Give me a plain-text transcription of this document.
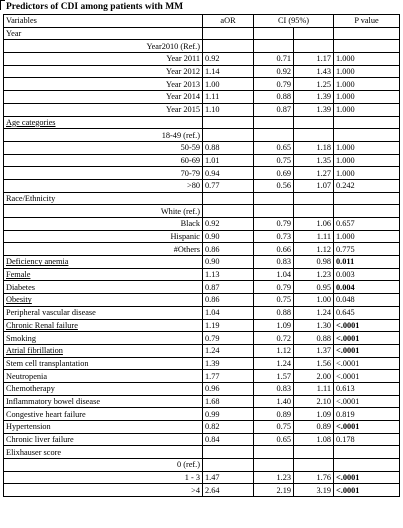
Predictors of CDI among patients with MM
Variables	aOR	CI (95%)		P value
Year				
Year2010 (Ref.)				
Year 2011	0.92	0.71	1.17	1.000
Year 2012	1.14	0.92	1.43	1.000
Year 2013	1.00	0.79	1.25	1.000
Year 2014	1.11	0.88	1.39	1.000
Year 2015	1.10	0.87	1.39	1.000
Age categories				
18-49 (ref.)				
50-59	0.88	0.65	1.18	1.000
60-69	1.01	0.75	1.35	1.000
70-79	0.94	0.69	1.27	1.000
>80	0.77	0.56	1.07	0.242
Race/Ethnicity				
White (ref.)				
Black	0.92	0.79	1.06	0.657
Hispanic	0.90	0.73	1.11	1.000
#Others	0.86	0.66	1.12	0.775
Deficiency anemia	0.90	0.83	0.98	0.011
Female	1.13	1.04	1.23	0.003
Diabetes	0.87	0.79	0.95	0.004
Obesity	0.86	0.75	1.00	0.048
Peripheral vascular disease	1.04	0.88	1.24	0.645
Chronic Renal failure	1.19	1.09	1.30	<.0001
Smoking	0.79	0.72	0.88	<.0001
Atrial fibrillation	1.24	1.12	1.37	<.0001
Stem cell transplantation	1.39	1.24	1.56	<.0001
Neutropenia	1.77	1.57	2.00	<.0001
Chemotherapy	0.96	0.83	1.11	0.613
Inflammatory bowel disease	1.68	1.40	2.10	<.0001
Congestive heart failure	0.99	0.89	1.09	0.819
Hypertension	0.82	0.75	0.89	<.0001
Chronic liver failure	0.84	0.65	1.08	0.178
Elixhauser score				
0 (ref.)				
1 - 3	1.47	1.23	1.76	<.0001
>4	2.64	2.19	3.19	<.0001
